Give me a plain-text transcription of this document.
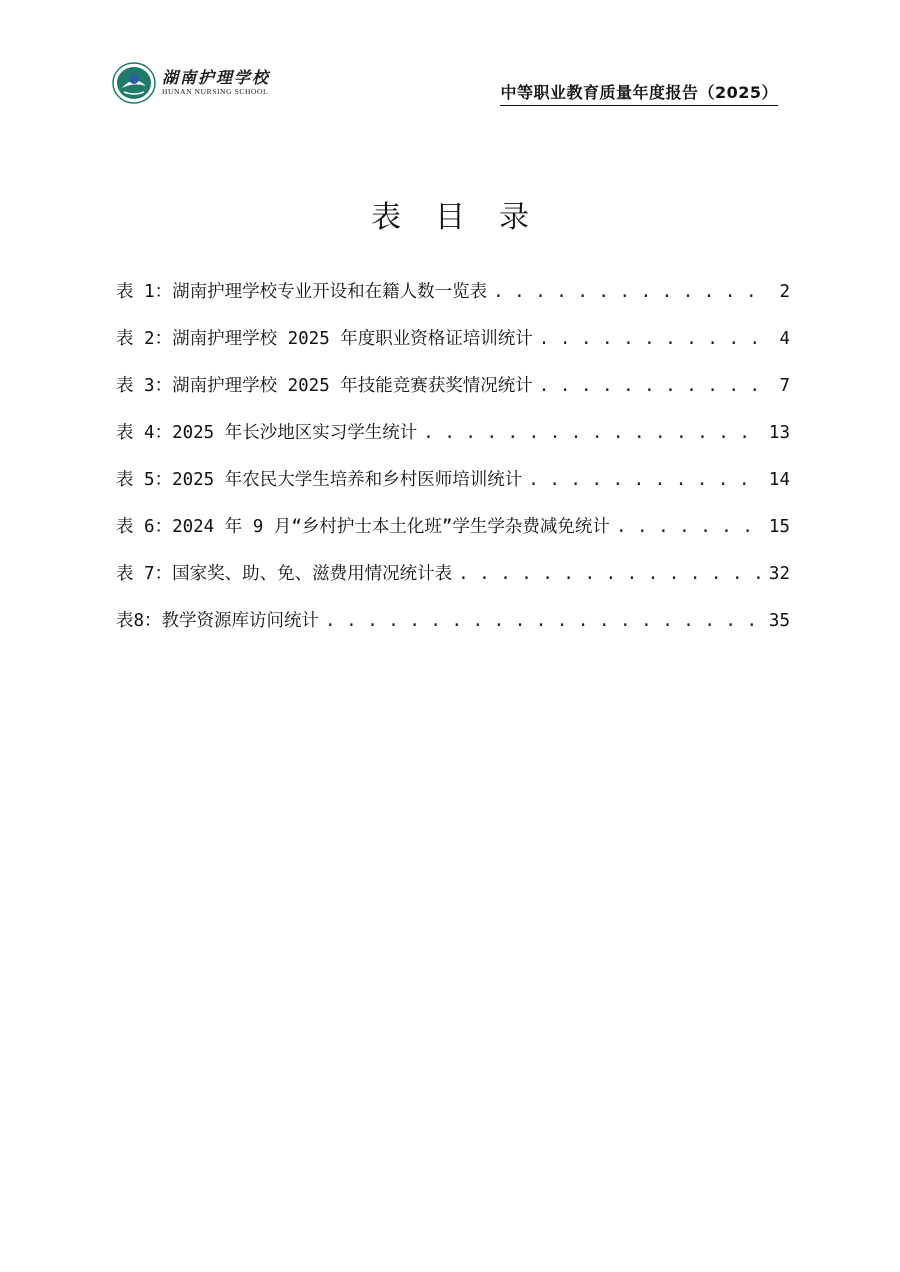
湖南护理学校
HUNAN NURSING SCHOOL	中等职业教育质量年度报告（2025）
表 目 录
表 1：湖南护理学校专业开设和在籍人数一览表 . . .	2
表 2：湖南护理学校 2025 年度职业资格证培训统计 . . .	4
表 3：湖南护理学校 2025 年技能竞赛获奖情况统计 . . .	7
表 4：2025 年长沙地区实习学生统计 . . .	13
表 5：2025 年农民大学生培养和乡村医师培训统计 . . .	14
表 6：2024 年 9 月“乡村护士本土化班”学生学杂费减免统计 . . .	15
表 7：国家奖、助、免、滋费用情况统计表 . . .	32
表8：教学资源库访问统计 . . .	35
